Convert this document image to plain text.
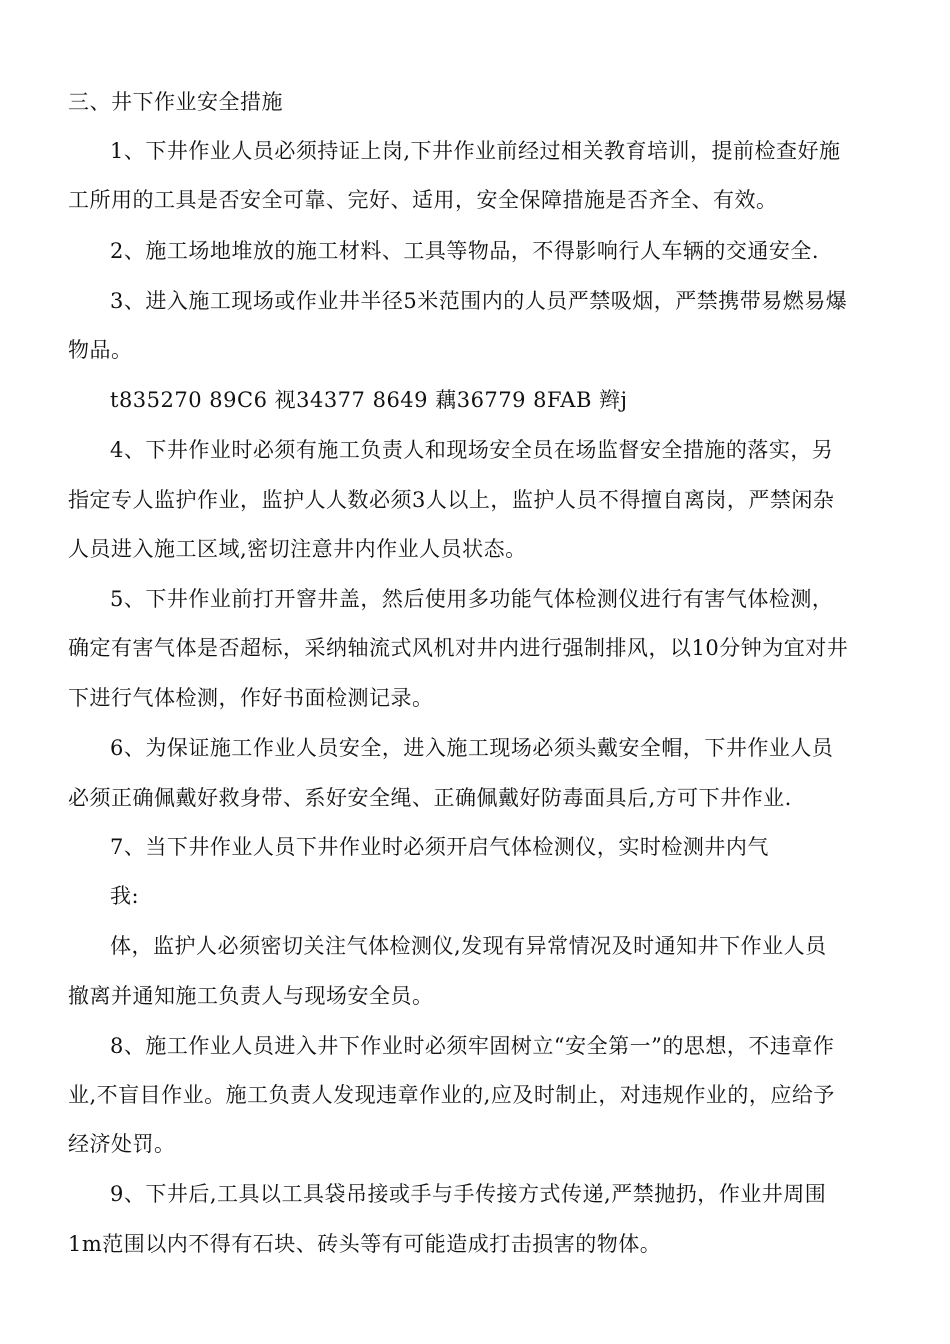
三、井下作业安全措施
1、下井作业人员必须持证上岗,下井作业前经过相关教育培训，提前检查好施
工所用的工具是否安全可靠、完好、适用，安全保障措施是否齐全、有效。
2、施工场地堆放的施工材料、工具等物品，不得影响行人车辆的交通安全.
3、进入施工现场或作业井半径5米范围内的人员严禁吸烟，严禁携带易燃易爆
物品。
t835270 89C6 视34377 8649 藕36779 8FAB 辫j
4、下井作业时必须有施工负责人和现场安全员在场监督安全措施的落实，另
指定专人监护作业，监护人人数必须3人以上，监护人员不得擅自离岗，严禁闲杂
人员进入施工区域,密切注意井内作业人员状态。
5、下井作业前打开窨井盖，然后使用多功能气体检测仪进行有害气体检测，
确定有害气体是否超标，采纳轴流式风机对井内进行强制排风，以10分钟为宜对井
下进行气体检测，作好书面检测记录。
6、为保证施工作业人员安全，进入施工现场必须头戴安全帽，下井作业人员
必须正确佩戴好救身带、系好安全绳、正确佩戴好防毒面具后,方可下井作业.
7、当下井作业人员下井作业时必须开启气体检测仪，实时检测井内气
我:
体，监护人必须密切关注气体检测仪,发现有异常情况及时通知井下作业人员
撤离并通知施工负责人与现场安全员。
8、施工作业人员进入井下作业时必须牢固树立“安全第一”的思想，不违章作
业,不盲目作业。施工负责人发现违章作业的,应及时制止，对违规作业的，应给予
经济处罚。
9、下井后,工具以工具袋吊接或手与手传接方式传递,严禁抛扔，作业井周围
1m范围以内不得有石块、砖头等有可能造成打击损害的物体。
